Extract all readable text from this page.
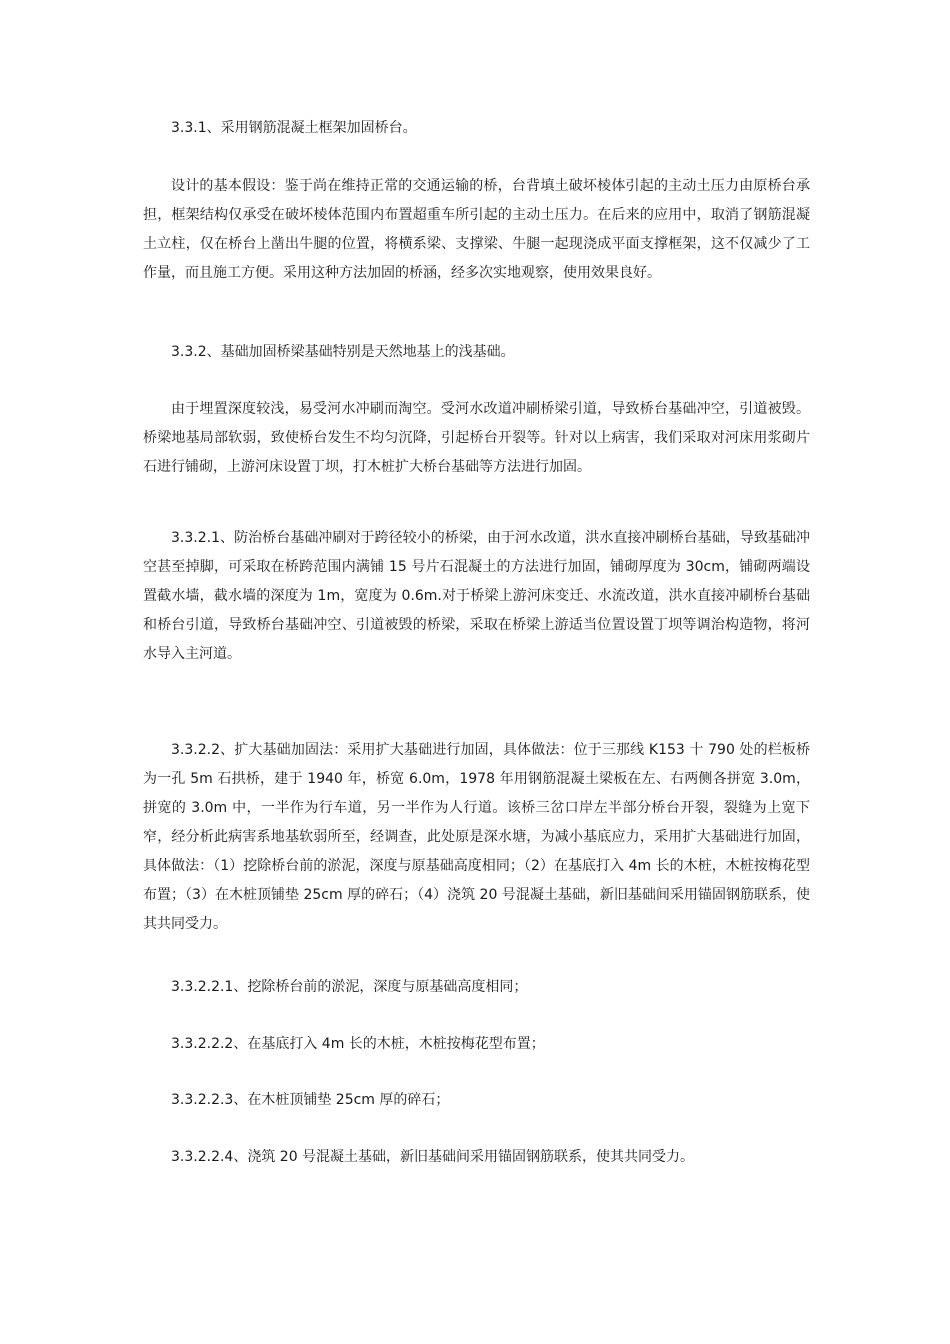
3.3.1、采用钢筋混凝土框架加固桥台。

设计的基本假设：鉴于尚在维持正常的交通运输的桥，台背填土破坏棱体引起的主动土压力由原桥台承担，框架结构仅承受在破坏棱体范围内布置超重车所引起的主动土压力。在后来的应用中，取消了钢筋混凝土立柱，仅在桥台上凿出牛腿的位置，将横系梁、支撑梁、牛腿一起现浇成平面支撑框架，这不仅减少了工作量，而且施工方便。采用这种方法加固的桥涵，经多次实地观察，使用效果良好。

3.3.2、基础加固桥梁基础特别是天然地基上的浅基础。

由于埋置深度较浅，易受河水冲刷而淘空。受河水改道冲刷桥梁引道，导致桥台基础冲空，引道被毁。桥梁地基局部软弱，致使桥台发生不均匀沉降，引起桥台开裂等。针对以上病害，我们采取对河床用浆砌片石进行铺砌，上游河床设置丁坝，打木桩扩大桥台基础等方法进行加固。

3.3.2.1、防治桥台基础冲刷对于跨径较小的桥梁，由于河水改道，洪水直接冲刷桥台基础，导致基础冲空甚至掉脚，可采取在桥跨范围内满铺 15 号片石混凝土的方法进行加固，铺砌厚度为 30cm，铺砌两端设置截水墙，截水墙的深度为 1m，宽度为 0.6m.对于桥梁上游河床变迁、水流改道，洪水直接冲刷桥台基础和桥台引道，导致桥台基础冲空、引道被毁的桥梁，采取在桥梁上游适当位置设置丁坝等调治构造物，将河水导入主河道。

3.3.2.2、扩大基础加固法：采用扩大基础进行加固，具体做法：位于三那线 K153 十 790 处的栏板桥为一孔 5m 石拱桥，建于 1940 年，桥宽 6.0m，1978 年用钢筋混凝土梁板在左、右两侧各拼宽 3.0m，拼宽的 3.0m 中，一半作为行车道，另一半作为人行道。该桥三岔口岸左半部分桥台开裂，裂缝为上宽下窄，经分析此病害系地基软弱所至，经调查，此处原是深水塘，为减小基底应力，采用扩大基础进行加固，具体做法：（1）挖除桥台前的淤泥，深度与原基础高度相同；（2）在基底打入 4m 长的木桩，木桩按梅花型布置；（3）在木桩顶铺垫 25cm 厚的碎石；（4）浇筑 20 号混凝土基础，新旧基础间采用锚固钢筋联系，使其共同受力。

3.3.2.2.1、挖除桥台前的淤泥，深度与原基础高度相同；

3.3.2.2.2、在基底打入 4m 长的木桩，木桩按梅花型布置；

3.3.2.2.3、在木桩顶铺垫 25cm 厚的碎石；

3.3.2.2.4、浇筑 20 号混凝土基础，新旧基础间采用锚固钢筋联系，使其共同受力。
